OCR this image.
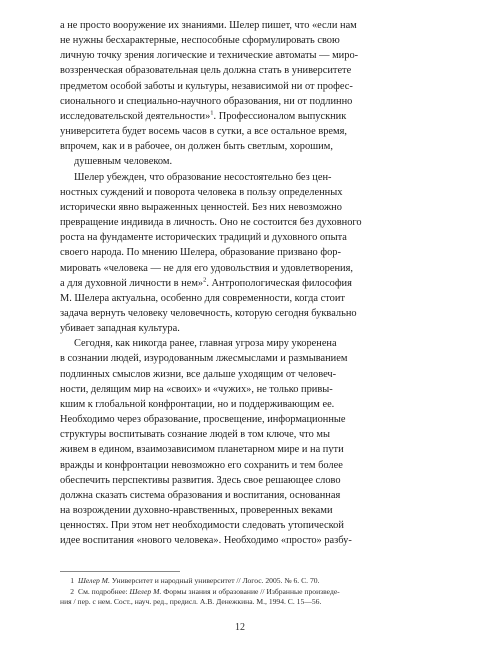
а не просто вооружение их знаниями. Шелер пишет, что «если нам
не нужны бесхарактерные, неспособные сформулировать свою
личную точку зрения логические и технические автоматы — миро-
воззренческая образовательная цель должна стать в университете
предметом особой заботы и культуры, независимой ни от профес-
сионального и специально-научного образования, ни от подлинно
исследовательской деятельности»$^1$. Профессионалом выпускник
университета будет восемь часов в сутки, а все остальное время,
впрочем, как и в рабочее, он должен быть светлым, хорошим,
душевным человеком.
Шелер убежден, что образование несостоятельно без цен-
ностных суждений и поворота человека в пользу определенных
исторически явно выраженных ценностей. Без них невозможно
превращение индивида в личность. Оно не состоится без духовного
роста на фундаменте исторических традиций и духовного опыта
своего народа. По мнению Шелера, образование призвано фор-
мировать «человека — не для его удовольствия и удовлетворения,
а для духовной личности в нем»$^2$. Антропологическая философия
М. Шелера актуальна, особенно для современности, когда стоит
задача вернуть человеку человечность, которую сегодня буквально
убивает западная культура.
Сегодня, как никогда ранее, главная угроза миру укоренена
в сознании людей, изуродованным лжесмыслами и размыванием
подлинных смыслов жизни, все дальше уходящим от человеч-
ности, делящим мир на «своих» и «чужих», не только привы-
кшим к глобальной конфронтации, но и поддерживающим ее.
Необходимо через образование, просвещение, информационные
структуры воспитывать сознание людей в том ключе, что мы
живем в едином, взаимозависимом планетарном мире и на пути
вражды и конфронтации невозможно его сохранить и тем более
обеспечить перспективы развития. Здесь свое решающее слово
должна сказать система образования и воспитания, основанная
на возрождении духовно-нравственных, проверенных веками
ценностях. При этом нет необходимости следовать утопической
идее воспитания «нового человека». Необходимо «просто» разбу-
1 Шелер М. Университет и народный университет // Логос. 2005. № 6. С. 70.
2 См. подробнее: Шелер М. Формы знания и образование // Избранные произведе-
ния / пер. с нем. Сост., науч. ред., предисл. А.В. Денежкина. М., 1994. С. 15—56.
12
